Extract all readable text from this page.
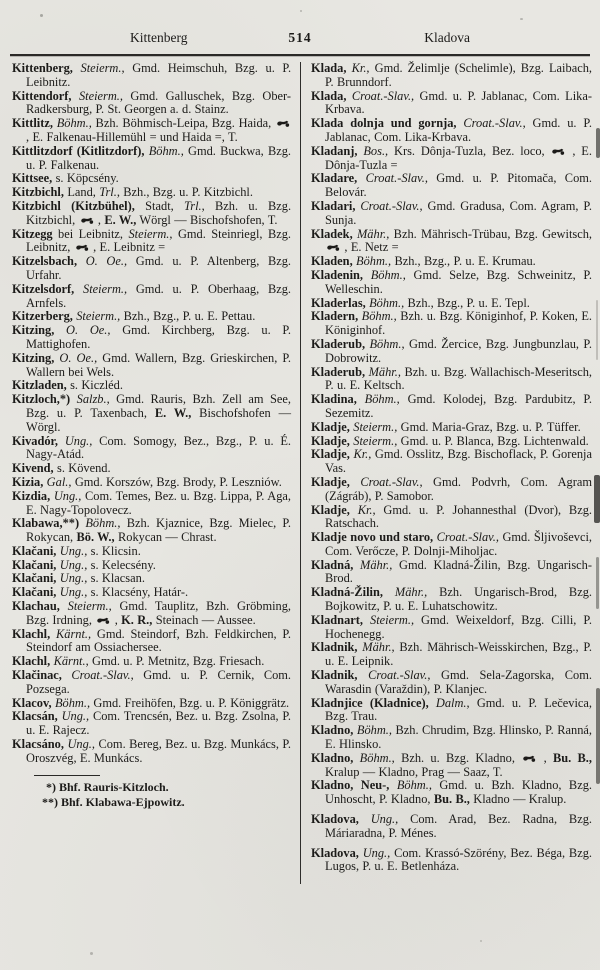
Kittenberg	514	Kladova

Kittenberg, Steierm., Gmd. Heimschuh, Bzg. u. P. Leibnitz.

Kittendorf, Steierm., Gmd. Galluschek, Bzg. Ober-Radkersburg, P. St. Georgen a. d. Stainz.

Kittlitz, Böhm., Bzh. Böhmisch-Leipa, Bzg. Haida,
, E. Falkenau-Hillemühl = und Haida =, T.

Kittlitzdorf (Kitlitzdorf), Böhm., Gmd. Buckwa, Bzg. u. P. Falkenau.

Kittsee, s. Köpcsény.

Kitzbichl, Land, Trl., Bzh., Bzg. u. P. Kitzbichl.

Kitzbichl (Kitzbühel), Stadt, Trl., Bzh. u. Bzg. Kitzbichl,
, E. W., Wörgl — Bischofshofen, T.

Kitzegg bei Leibnitz, Steierm., Gmd. Steinriegl, Bzg. Leibnitz,
, E. Leibnitz =

Kitzelsbach, O. Oe., Gmd. u. P. Altenberg, Bzg. Urfahr.

Kitzelsdorf, Steierm., Gmd. u. P. Oberhaag, Bzg. Arnfels.

Kitzerberg, Steierm., Bzh., Bzg., P. u. E. Pettau.

Kitzing, O. Oe., Gmd. Kirchberg, Bzg. u. P. Mattighofen.

Kitzing, O. Oe., Gmd. Wallern, Bzg. Grieskirchen, P. Wallern bei Wels.

Kitzladen, s. Kiczléd.

Kitzloch,*) Salzb., Gmd. Rauris, Bzh. Zell am See, Bzg. u. P. Taxenbach, E. W., Bischofshofen — Wörgl.

Kivadór, Ung., Com. Somogy, Bez., Bzg., P. u. É. Nagy-Atád.

Kivend, s. Kövend.

Kizia, Gal., Gmd. Korszów, Bzg. Brody, P. Leszniów.

Kizdia, Ung., Com. Temes, Bez. u. Bzg. Lippa, P. Aga, E. Nagy-Topolovecz.

Klabawa,**) Böhm., Bzh. Kjaznice, Bzg. Mielec, P. Rokycan, Bö. W., Rokycan — Chrast.

Klačani, Ung., s. Klicsin.

Klačani, Ung., s. Kelecsény.

Klačani, Ung., s. Klacsan.

Klačani, Ung., s. Klacsény, Határ-.

Klachau, Steierm., Gmd. Tauplitz, Bzh. Gröbming, Bzg. Irdning,
, K. R., Steinach — Aussee.

Klachl, Kärnt., Gmd. Steindorf, Bzh. Feldkirchen, P. Steindorf am Ossiachersee.

Klachl, Kärnt., Gmd. u. P. Metnitz, Bzg. Friesach.

Klačinac, Croat.-Slav., Gmd. u. P. Cernik, Com. Pozsega.

Klacov, Böhm., Gmd. Freihöfen, Bzg. u. P. Königgrätz.

Klacsán, Ung., Com. Trencsén, Bez. u. Bzg. Zsolna, P. u. E. Rajecz.

Klacsáno, Ung., Com. Bereg, Bez. u. Bzg. Munkács, P. Oroszvég, E. Munkács.

*) Bhf. Rauris-Kitzloch.

**) Bhf. Klabawa-Ejpowitz.

Klada, Kr., Gmd. Želimlje (Schelimle), Bzg. Laibach, P. Brunndorf.

Klada, Croat.-Slav., Gmd. u. P. Jablanac, Com. Lika-Krbava.

Klada dolnja und gornja, Croat.-Slav., Gmd. u. P. Jablanac, Com. Lika-Krbava.

Kladanj, Bos., Krs. Dônja-Tuzla, Bez. loco,
, E. Dônja-Tuzla =

Kladare, Croat.-Slav., Gmd. u. P. Pitomača, Com. Belovár.

Kladari, Croat.-Slav., Gmd. Gradusa, Com. Agram, P. Sunja.

Kladek, Mähr., Bzh. Mährisch-Trübau, Bzg. Gewitsch,
, E. Netz =

Kladen, Böhm., Bzh., Bzg., P. u. E. Krumau.

Kladenin, Böhm., Gmd. Selze, Bzg. Schweinitz, P. Welleschin.

Kladerlas, Böhm., Bzh., Bzg., P. u. E. Tepl.

Kladern, Böhm., Bzh. u. Bzg. Königinhof, P. Koken, E. Königinhof.

Kladerub, Böhm., Gmd. Žercice, Bzg. Jungbunzlau, P. Dobrowitz.

Kladerub, Mähr., Bzh. u. Bzg. Wallachisch-Meseritsch, P. u. E. Keltsch.

Kladina, Böhm., Gmd. Kolodej, Bzg. Pardubitz, P. Sezemitz.

Kladje, Steierm., Gmd. Maria-Graz, Bzg. u. P. Tüffer.

Kladje, Steierm., Gmd. u. P. Blanca, Bzg. Lichtenwald.

Kladje, Kr., Gmd. Osslitz, Bzg. Bischoflack, P. Gorenja Vas.

Kladje, Croat.-Slav., Gmd. Podvrh, Com. Agram (Zágráb), P. Samobor.

Kladje, Kr., Gmd. u. P. Johannesthal (Dvor), Bzg. Ratschach.

Kladje novo und staro, Croat.-Slav., Gmd. Šljivoševci, Com. Verőcze, P. Dolnji-Miholjac.

Kladná, Mähr., Gmd. Kladná-Žilin, Bzg. Ungarisch-Brod.

Kladná-Žilin, Mähr., Bzh. Ungarisch-Brod, Bzg. Bojkowitz, P. u. E. Luhatschowitz.

Kladnart, Steierm., Gmd. Weixeldorf, Bzg. Cilli, P. Hochenegg.

Kladnik, Mähr., Bzh. Mährisch-Weisskirchen, Bzg., P. u. E. Leipnik.

Kladnik, Croat.-Slav., Gmd. Sela-Zagorska, Com. Warasdin (Varaždin), P. Klanjec.

Kladnjice (Kladnice), Dalm., Gmd. u. P. Lečevica, Bzg. Trau.

Kladno, Böhm., Bzh. Chrudim, Bzg. Hlinsko, P. Ranná, E. Hlinsko.

Kladno, Böhm., Bzh. u. Bzg. Kladno,
, Bu. B., Kralup — Kladno, Prag — Saaz, T.

Kladno, Neu-, Böhm., Gmd. u. Bzh. Kladno, Bzg. Unhoscht, P. Kladno, Bu. B., Kladno — Kralup.

Kladova, Ung., Com. Arad, Bez. Radna, Bzg. Máriaradna, P. Ménes.

Kladova, Ung., Com. Krassó-Szörény, Bez. Béga, Bzg. Lugos, P. u. E. Betlenháza.
